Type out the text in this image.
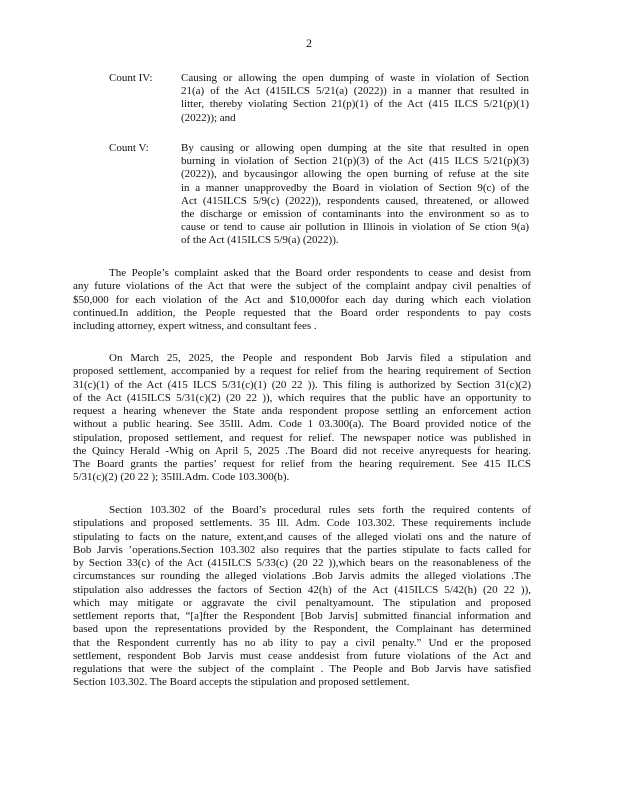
2
Count IV:	Causing or allowing the open dumping of waste in violation of Section
21(a) of the Act (415ILCS 5/21(a) (2022)) in a manner that resulted in
litter, thereby violating Section 21(p)(1) of the Act (415 ILCS 5/21(p)(1)
(2022)); and
Count V:	By causing or allowing open dumping at the site that resulted in open
burning in violation of Section 21(p)(3) of the Act (415 ILCS 5/21(p)(3)
(2022)), and bycausingor allowing the open burning of refuse at the site
in a manner unapprovedby the Board in violation of Section 9(c) of the
Act (415ILCS 5/9(c) (2022)), respondents caused, threatened, or allowed
the discharge or emission of contaminants into the environment so as to
cause or tend to cause air pollution in Illinois in violation of Se ction 9(a)
of the Act (415ILCS 5/9(a) (2022)).
The People’s complaint asked that the Board order respondents to cease and desist from
any future violations of the Act that were the subject of the complaint andpay civil penalties of
$50,000 for each violation of the Act and $10,000for each day during which each violation
continued.In addition, the People requested that the Board order respondents to pay costs
including attorney, expert witness, and consultant fees .
On March 25, 2025, the People and respondent Bob Jarvis filed a stipulation and
proposed settlement, accompanied by a request for relief from the hearing requirement of Section
31(c)(1) of the Act (415 ILCS 5/31(c)(1) (20 22 )). This filing is authorized by Section 31(c)(2)
of the Act (415ILCS 5/31(c)(2) (20 22 )), which requires that the public have an opportunity to
request a hearing whenever the State anda respondent propose settling an enforcement action
without a public hearing. See 35Ill. Adm. Code 1 03.300(a). The Board provided notice of the
stipulation, proposed settlement, and request for relief. The newspaper notice was published in
the Quincy Herald -Whig on April 5, 2025 .The Board did not receive anyrequests for hearing.
The Board grants the parties’ request for relief from the hearing requirement. See 415 ILCS
5/31(c)(2) (20 22 ); 35Ill.Adm. Code 103.300(b).
Section 103.302 of the Board’s procedural rules sets forth the required contents of
stipulations and proposed settlements. 35 Ill. Adm. Code 103.302. These requirements include
stipulating to facts on the nature, extent,and causes of the alleged violati ons and the nature of
Bob Jarvis ’operations.Section 103.302 also requires that the parties stipulate to facts called for
by Section 33(c) of the Act (415ILCS 5/33(c) (20 22 )),which bears on the reasonableness of the
circumstances sur rounding the alleged violations .Bob Jarvis admits the alleged violations .The
stipulation also addresses the factors of Section 42(h) of the Act (415ILCS 5/42(h) (20 22 )),
which may mitigate or aggravate the civil penaltyamount. The stipulation and proposed
settlement reports that, “[a]fter the Respondent [Bob Jarvis] submitted financial information and
based upon the representations provided by the Respondent, the Complainant has determined
that the Respondent currently has no ab ility to pay a civil penalty.” Und er the proposed
settlement, respondent Bob Jarvis must cease anddesist from future violations of the Act and
regulations that were the subject of the complaint . The People and Bob Jarvis have satisfied
Section 103.302. The Board accepts the stipulation and proposed settlement.
